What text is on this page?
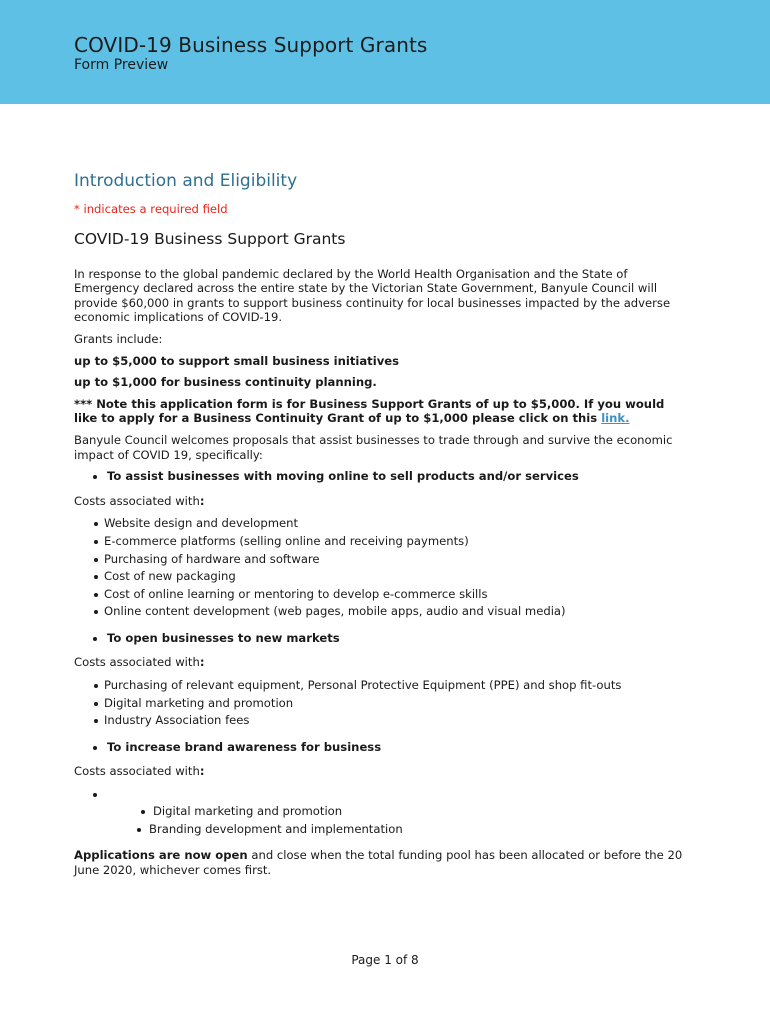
COVID-19 Business Support Grants
Form Preview
Introduction and Eligibility
* indicates a required field
COVID-19 Business Support Grants

In response to the global pandemic declared by the World Health Organisation and the State of Emergency declared across the entire state by the Victorian State Government, Banyule Council will provide $60,000 in grants to support business continuity for local businesses impacted by the adverse economic implications of COVID-19.

Grants include:

up to $5,000 to support small business initiatives

up to $1,000 for business continuity planning.

*** Note this application form is for Business Support Grants of up to $5,000. If you would like to apply for a Business Continuity Grant of up to $1,000 please click on this link.

Banyule Council welcomes proposals that assist businesses to trade through and survive the economic impact of COVID 19, specifically:

To assist businesses with moving online to sell products and/or services
Costs associated with:
Website design and development
E-commerce platforms (selling online and receiving payments)
Purchasing of hardware and software
Cost of new packaging
Cost of online learning or mentoring to develop e-commerce skills
Online content development (web pages, mobile apps, audio and visual media)
To open businesses to new markets
Costs associated with:
Purchasing of relevant equipment, Personal Protective Equipment (PPE) and shop fit-outs
Digital marketing and promotion
Industry Association fees
To increase brand awareness for business
Costs associated with:
Digital marketing and promotion
Branding development and implementation

Applications are now open and close when the total funding pool has been allocated or before the 20 June 2020, whichever comes first.

Page 1 of 8
